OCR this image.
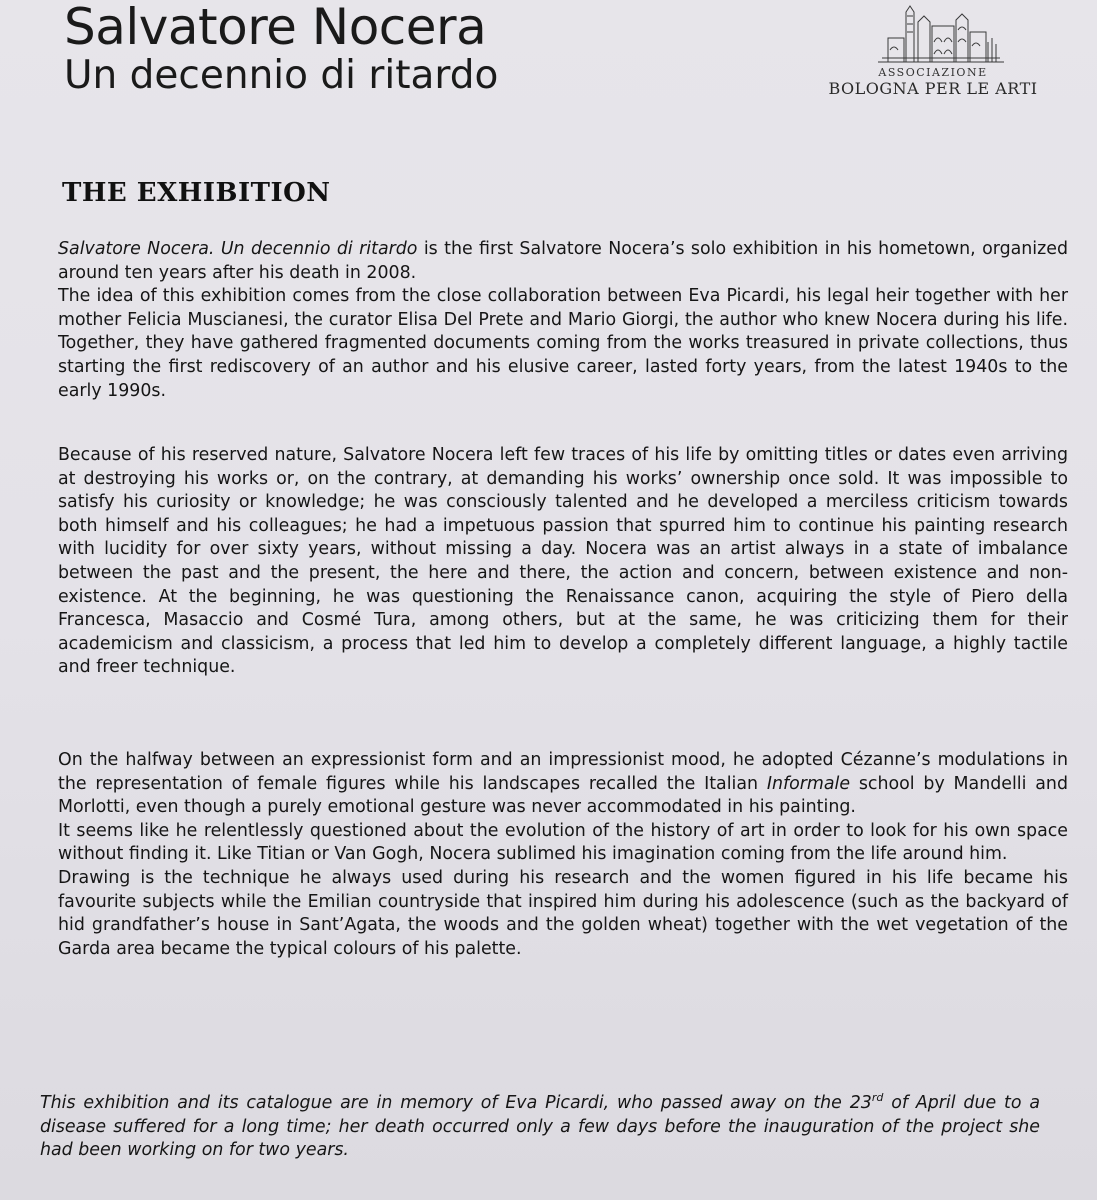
Salvatore Nocera
Un decennio di ritardo	ASSOCIAZIONE
BOLOGNA PER LE ARTI
THE EXHIBITION

Salvatore Nocera. Un decennio di ritardo is the first Salvatore Nocera’s solo exhibition in his hometown, organized around ten years after his death in 2008.

The idea of this exhibition comes from the close collaboration between Eva Picardi, his legal heir together with her mother Felicia Muscianesi, the curator Elisa Del Prete and Mario Giorgi, the author who knew Nocera during his life. Together, they have gathered fragmented documents coming from the works treasured in private collections, thus starting the first rediscovery of an author and his elusive career, lasted forty years, from the latest 1940s to the early 1990s.

Because of his reserved nature, Salvatore Nocera left few traces of his life by omitting titles or dates even arriving at destroying his works or, on the contrary, at demanding his works’ ownership once sold. It was impossible to satisfy his curiosity or knowledge; he was consciously talented and he developed a merciless criticism towards both himself and his colleagues; he had a impetuous passion that spurred him to continue his painting research with lucidity for over sixty years, without missing a day. Nocera was an artist always in a state of imbalance between the past and the present, the here and there, the action and concern, between existence and non-existence. At the beginning, he was questioning the Renaissance canon, acquiring the style of Piero della Francesca, Masaccio and Cosmé Tura, among others, but at the same, he was criticizing them for their academicism and classicism, a process that led him to develop a completely different language, a highly tactile and freer technique.

On the halfway between an expressionist form and an impressionist mood, he adopted Cézanne’s modulations in the representation of female figures while his landscapes recalled the Italian Informale school by Mandelli and Morlotti, even though a purely emotional gesture was never accommodated in his painting.

It seems like he relentlessly questioned about the evolution of the history of art in order to look for his own space without finding it. Like Titian or Van Gogh, Nocera sublimed his imagination coming from the life around him.

Drawing is the technique he always used during his research and the women figured in his life became his favourite subjects while the Emilian countryside that inspired him during his adolescence (such as the backyard of hid grandfather’s house in Sant’Agata, the woods and the golden wheat) together with the wet vegetation of the Garda area became the typical colours of his palette.

This exhibition and its catalogue are in memory of Eva Picardi, who passed away on the 23rd of April due to a disease suffered for a long time; her death occurred only a few days before the inauguration of the project she had been working on for two years.
